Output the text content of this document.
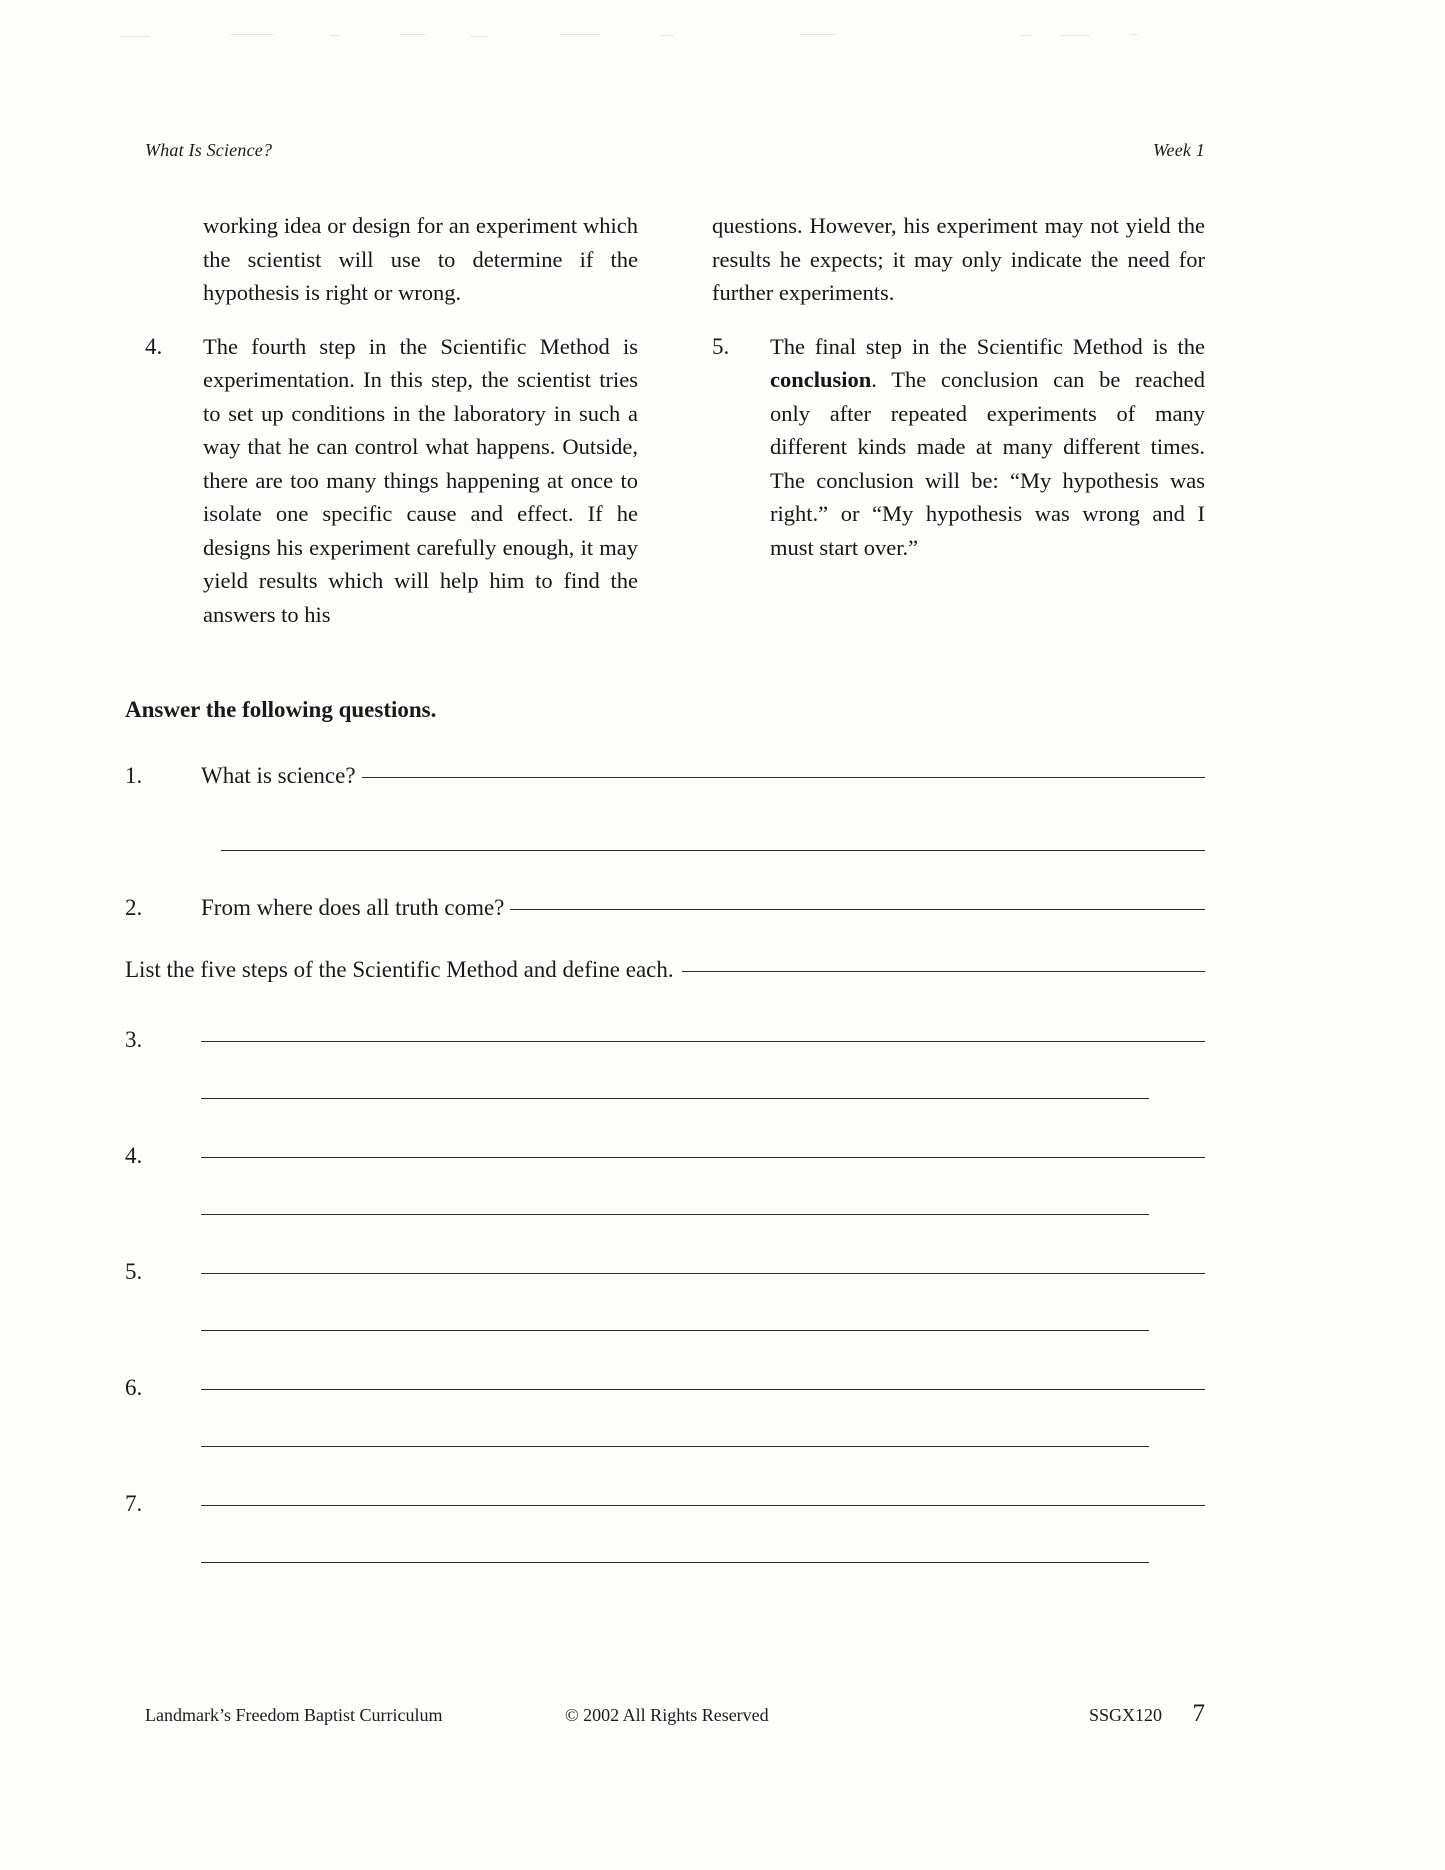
What Is Science?	Week 1

working idea or design for an experiment which the scientist will use to determine if the hypothesis is right or wrong.

4.	The fourth step in the Scientific Method is experimentation. In this step, the scientist tries to set up conditions in the laboratory in such a way that he can control what happens. Outside, there are too many things happening at once to isolate one specific cause and effect. If he designs his experiment carefully enough, it may yield results which will help him to find the answers to his

questions. However, his experiment may not yield the results he expects; it may only indicate the need for further experiments.

5.	The final step in the Scientific Method is the conclusion. The conclusion can be reached only after repeated experiments of many different kinds made at many different times. The conclusion will be: “My hypothesis was right.” or “My hypothesis was wrong and I must start over.”

Answer the following questions.
1.	What is science?
2.	From where does all truth come?
List the five steps of the Scientific Method and define each.
3.
4.
5.
6.
7.
Landmark’s Freedom Baptist Curriculum	© 2002 All Rights Reserved	SSGX120 7
